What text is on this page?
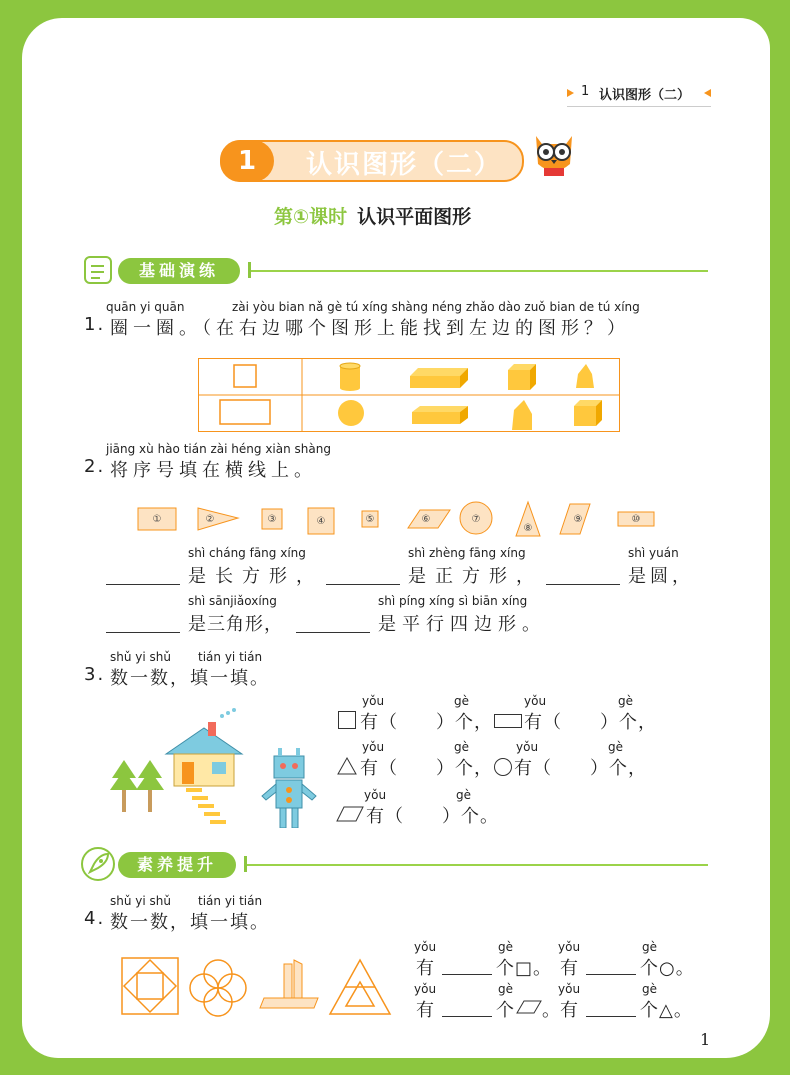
1 认识图形（二）
1	认识图形（二）
第①课时 认识平面图形
基础演练
quān yi quān	zài yòu bian nǎ gè tú xíng shàng néng zhǎo dào zuǒ bian de tú xíng
1. 圈一圈。（在右边哪个图形上能找到左边的图形？）
jiāng xù hào tián zài héng xiàn shàng
2. 将序号填在横线上。
①	②	③	④	⑤	⑥	⑦
⑧
⑨	⑩
shì cháng fāng xíng
是长方形，
shì zhèng fāng xíng
是正方形，
shì yuán
是圆，
shì sānjiǎoxíng
是三角形，
shì píng xíng sì biān xíng
是平行四边形。
shǔ yi shǔ tián yi tián
3. 数一数，填一填。
yǒu	gè
有（　　）个，
yǒu	gè
有（　　）个，
yǒu	gè
有（　　）个，
yǒu	gè
有（　　）个，
yǒu	gè
有（　　）个。
素养提升
shǔ yi shǔ tián yi tián
4. 数一数，填一填。
yǒu
有
gè
个□。
yǒu
有
gè
个○。
yǒu
有
gè
个 。
yǒu
有
gè
个△。
1
